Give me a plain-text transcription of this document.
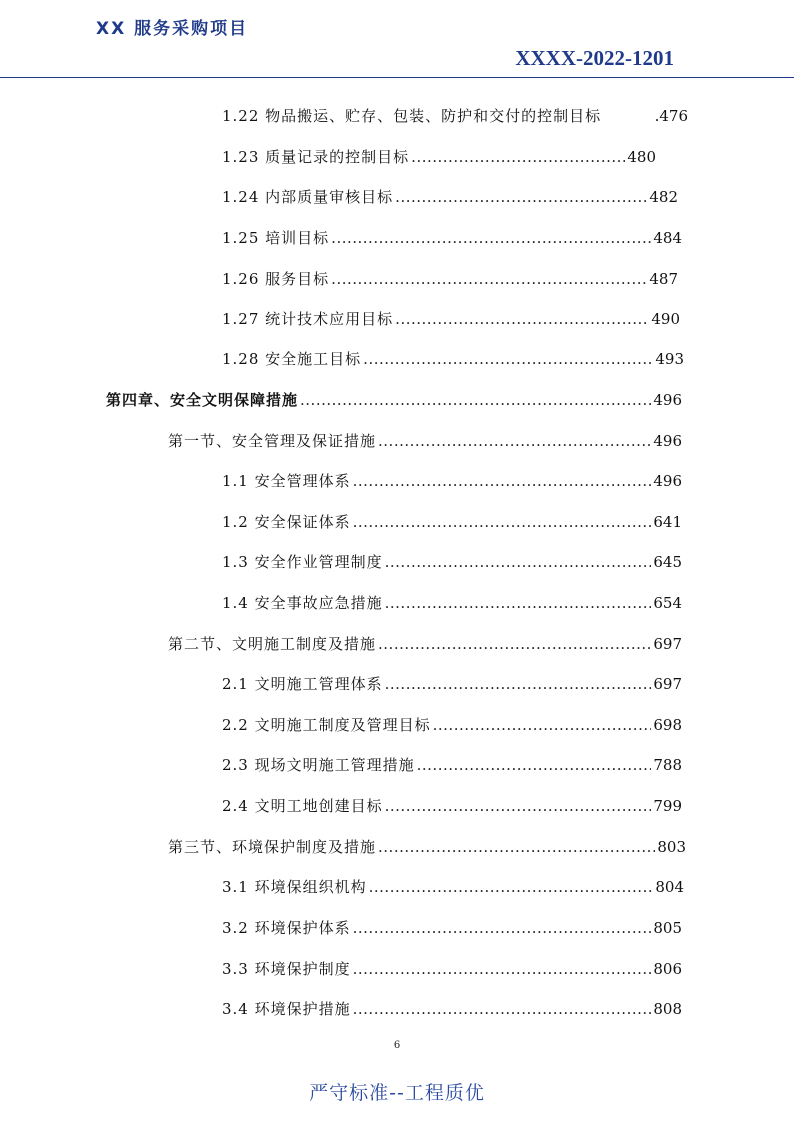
XX 服务采购项目
XXXX-2022-1201
1.22 物品搬运、贮存、包装、防护和交付的控制目标	.476
1.23 质量记录的控制目标 .....	480
1.24 内部质量审核目标 .....	482
1.25 培训目标 .....	484
1.26 服务目标 .....	487
1.27 统计技术应用目标 .....	490
1.28 安全施工目标 .....	493
第四章、安全文明保障措施 .....	496
第一节、安全管理及保证措施 .....	496
1.1 安全管理体系 .....	496
1.2 安全保证体系 .....	641
1.3 安全作业管理制度 .....	645
1.4 安全事故应急措施 .....	654
第二节、文明施工制度及措施 .....	697
2.1 文明施工管理体系 .....	697
2.2 文明施工制度及管理目标 .....	698
2.3 现场文明施工管理措施 .....	788
2.4 文明工地创建目标 .....	799
第三节、环境保护制度及措施 .....	803
3.1 环境保组织机构 .....	804
3.2 环境保护体系 .....	805
3.3 环境保护制度 .....	806
3.4 环境保护措施 .....	808
6
严守标准--工程质优
